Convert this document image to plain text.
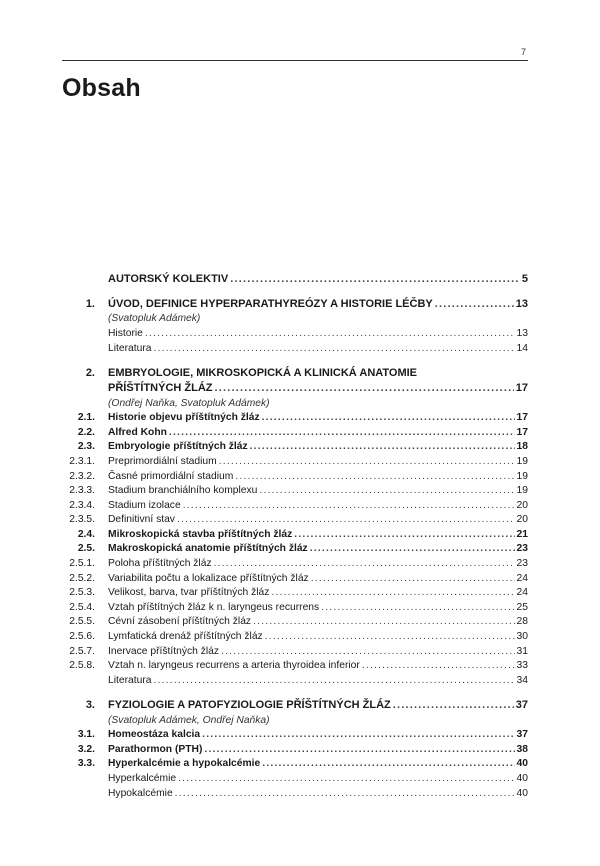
7
Obsah
AUTORSKÝ KOLEKTIV .....	5
1. ÚVOD, DEFINICE HYPERPARATHYREÓZY A HISTORIE LÉČBY .....	13
(Svatopluk Adámek)
Historie .....	13
Literatura .....	14
2. EMBRYOLOGIE, MIKROSKOPICKÁ A KLINICKÁ ANATOMIE
PŘÍŠTÍTNÝCH ŽLÁZ .....	17
(Ondřej Naňka, Svatopluk Adámek)
2.1. Historie objevu příštítných žláz .....	17
2.2. Alfred Kohn .....	17
2.3. Embryologie příštítných žláz .....	18
2.3.1. Preprimordiální stadium .....	19
2.3.2. Časné primordiální stadium .....	19
2.3.3. Stadium branchiálního komplexu .....	19
2.3.4. Stadium izolace .....	20
2.3.5. Definitivní stav .....	20
2.4. Mikroskopická stavba příštítných žláz .....	21
2.5. Makroskopická anatomie příštítných žláz .....	23
2.5.1. Poloha příštítných žláz .....	23
2.5.2. Variabilita počtu a lokalizace příštítných žláz .....	24
2.5.3. Velikost, barva, tvar příštítných žláz .....	24
2.5.4. Vztah příštítných žláz k n. laryngeus recurrens .....	25
2.5.5. Cévní zásobení příštítných žláz .....	28
2.5.6. Lymfatická drenáž příštítných žláz .....	30
2.5.7. Inervace příštítných žláz .....	31
2.5.8. Vztah n. laryngeus recurrens a arteria thyroidea inferior .....	33
Literatura .....	34
3. FYZIOLOGIE A PATOFYZIOLOGIE PŘÍŠTÍTNÝCH ŽLÁZ .....	37
(Svatopluk Adámek, Ondřej Naňka)
3.1. Homeostáza kalcia .....	37
3.2. Parathormon (PTH) .....	38
3.3. Hyperkalcémie a hypokalcémie .....	40
Hyperkalcémie .....	40
Hypokalcémie .....	40
